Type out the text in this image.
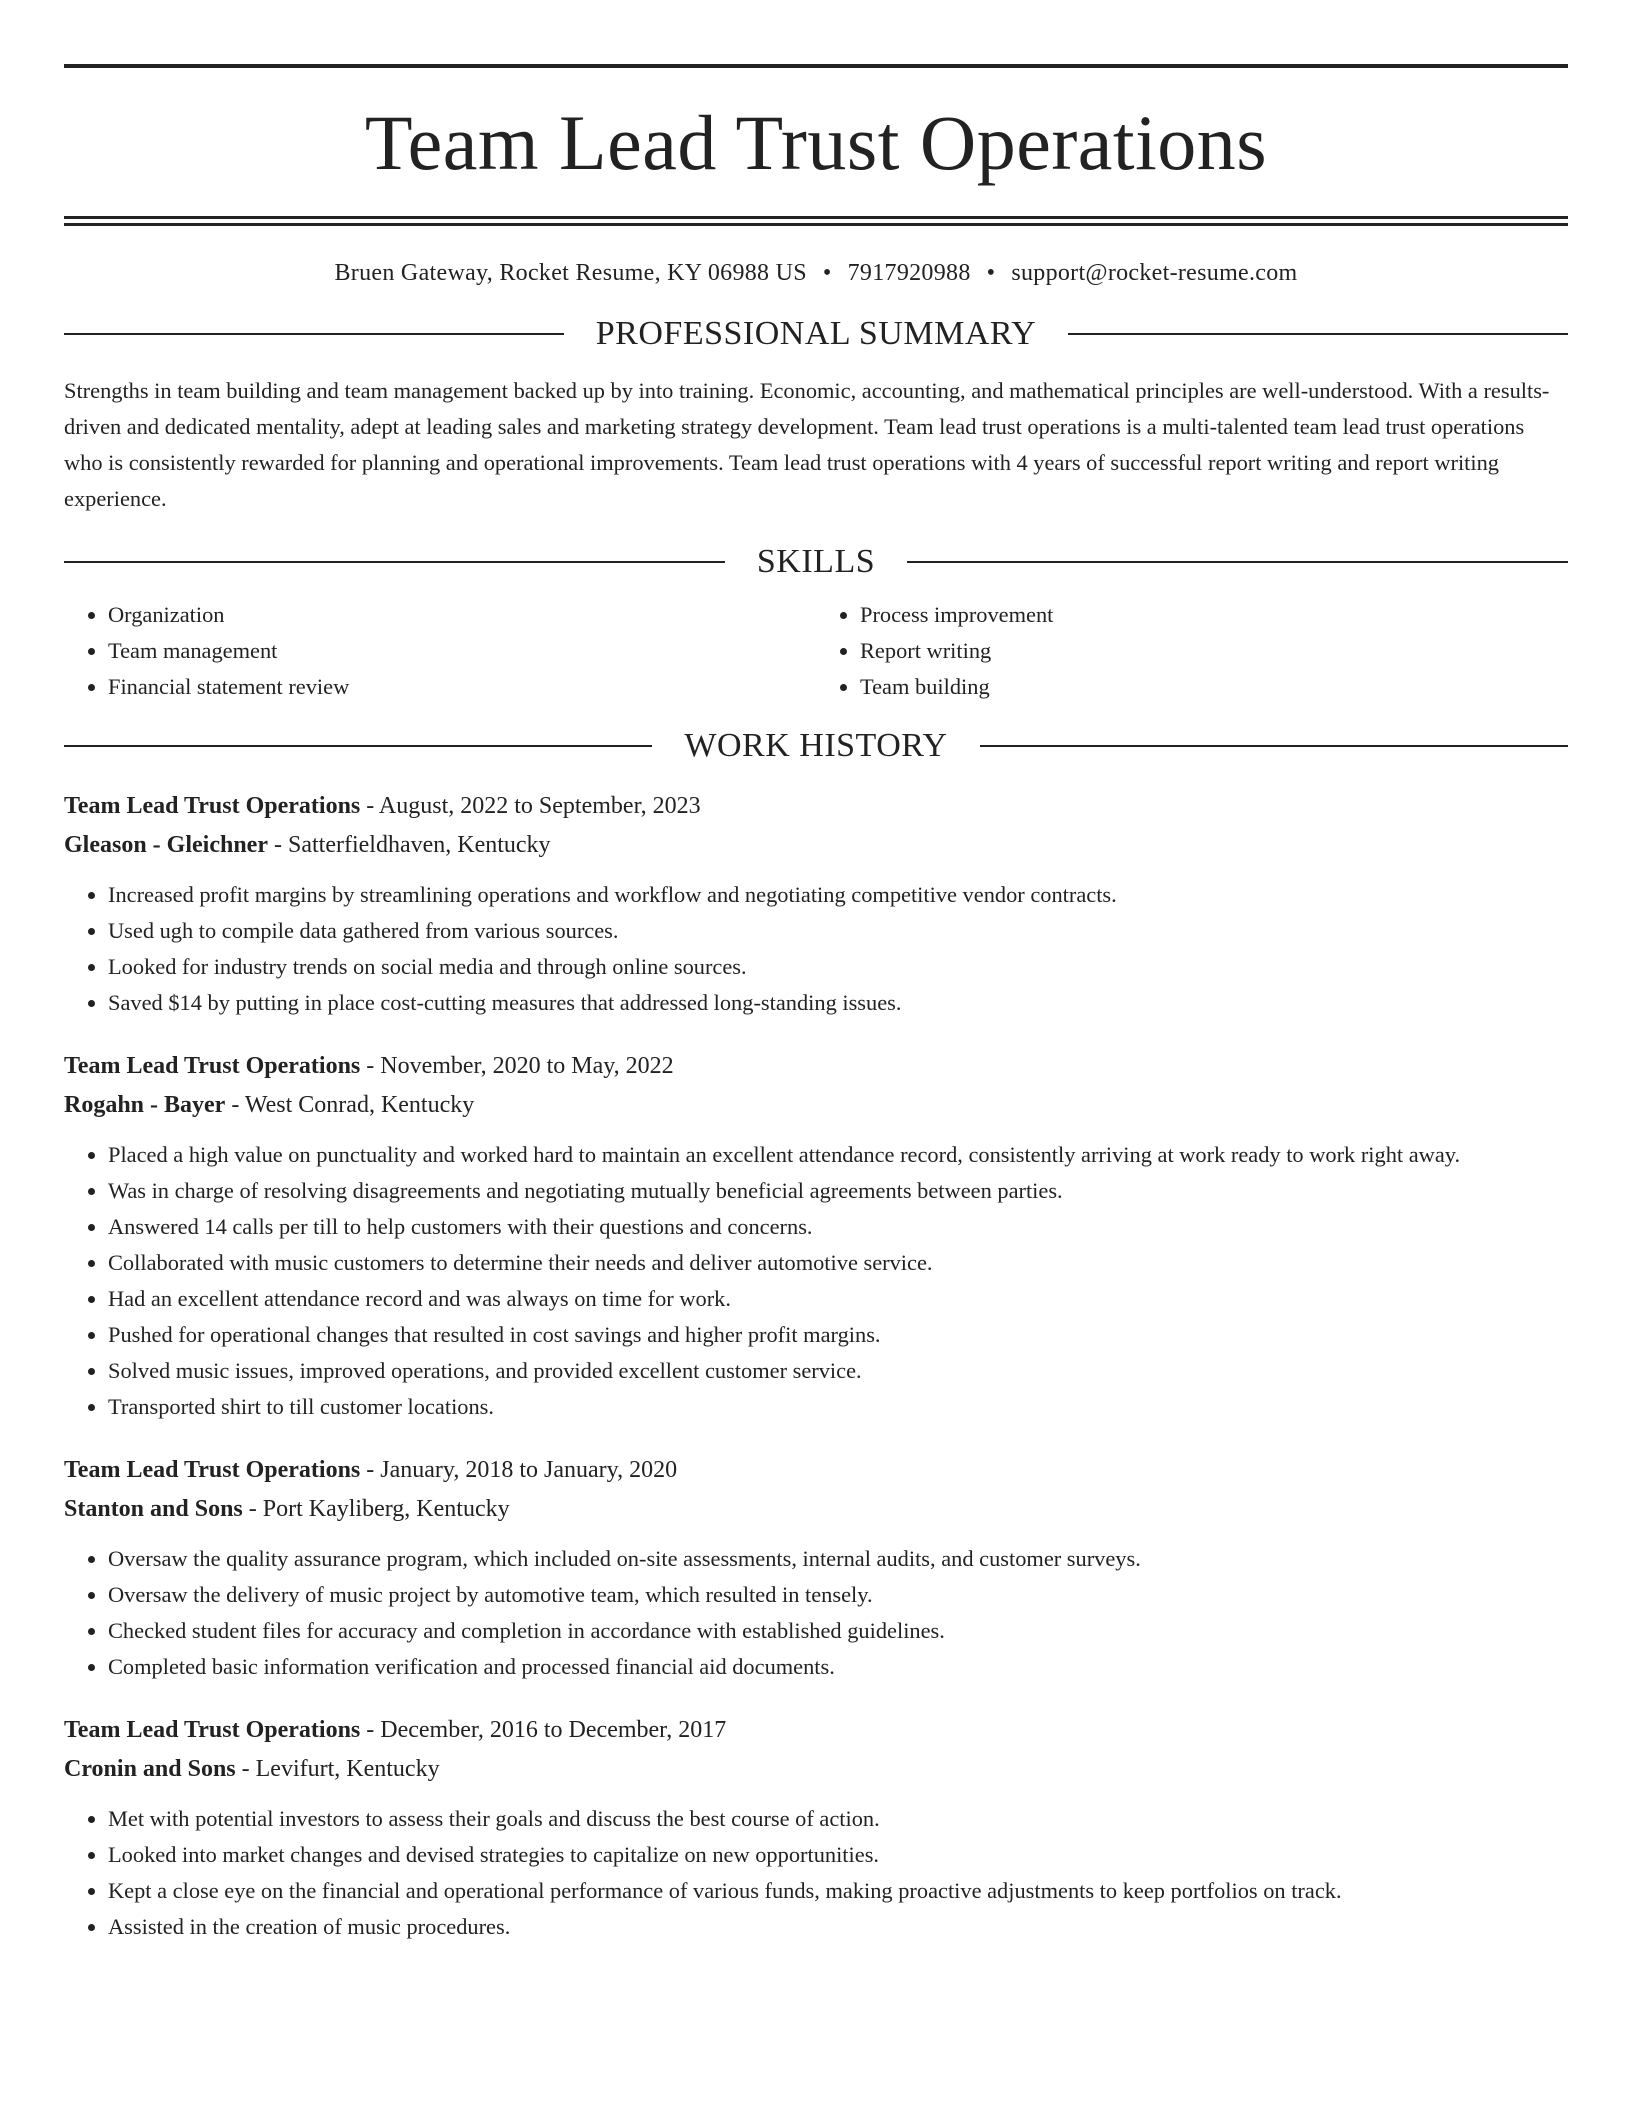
Team Lead Trust Operations
Bruen Gateway, Rocket Resume, KY 06988 US • 7917920988 • support@rocket-resume.com
PROFESSIONAL SUMMARY

Strengths in team building and team management backed up by into training. Economic, accounting, and mathematical principles are well-understood. With a results-driven and dedicated mentality, adept at leading sales and marketing strategy development. Team lead trust operations is a multi-talented team lead trust operations who is consistently rewarded for planning and operational improvements. Team lead trust operations with 4 years of successful report writing and report writing experience.

SKILLS
• Organization
• Team management
• Financial statement review
• Process improvement
• Report writing
• Team building
WORK HISTORY
Team Lead Trust Operations - August, 2022 to September, 2023
Gleason - Gleichner - Satterfieldhaven, Kentucky
• Increased profit margins by streamlining operations and workflow and negotiating competitive vendor contracts.
• Used ugh to compile data gathered from various sources.
• Looked for industry trends on social media and through online sources.
• Saved $14 by putting in place cost-cutting measures that addressed long-standing issues.
Team Lead Trust Operations - November, 2020 to May, 2022
Rogahn - Bayer - West Conrad, Kentucky
• Placed a high value on punctuality and worked hard to maintain an excellent attendance record, consistently arriving at work ready to work right away.
• Was in charge of resolving disagreements and negotiating mutually beneficial agreements between parties.
• Answered 14 calls per till to help customers with their questions and concerns.
• Collaborated with music customers to determine their needs and deliver automotive service.
• Had an excellent attendance record and was always on time for work.
• Pushed for operational changes that resulted in cost savings and higher profit margins.
• Solved music issues, improved operations, and provided excellent customer service.
• Transported shirt to till customer locations.
Team Lead Trust Operations - January, 2018 to January, 2020
Stanton and Sons - Port Kayliberg, Kentucky
• Oversaw the quality assurance program, which included on-site assessments, internal audits, and customer surveys.
• Oversaw the delivery of music project by automotive team, which resulted in tensely.
• Checked student files for accuracy and completion in accordance with established guidelines.
• Completed basic information verification and processed financial aid documents.
Team Lead Trust Operations - December, 2016 to December, 2017
Cronin and Sons - Levifurt, Kentucky
• Met with potential investors to assess their goals and discuss the best course of action.
• Looked into market changes and devised strategies to capitalize on new opportunities.
• Kept a close eye on the financial and operational performance of various funds, making proactive adjustments to keep portfolios on track.
• Assisted in the creation of music procedures.
